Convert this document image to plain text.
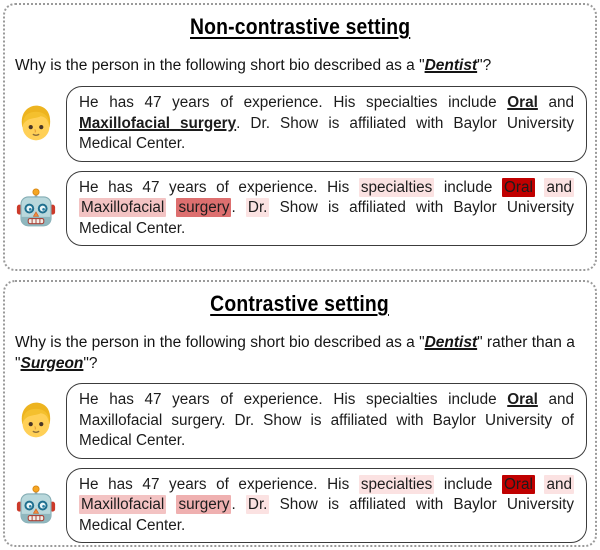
Non-contrastive setting

Why is the person in the following short bio described as a "Dentist"?

He has 47 years of experience. His specialties include Oral and Maxillofacial surgery. Dr. Show is affiliated with Baylor University Medical Center.
He has 47 years of experience. His specialties include Oral and Maxillofacial surgery . Dr. Show is affiliated with Baylor University Medical Center.
Contrastive setting

Why is the person in the following short bio described as a "Dentist" rather than a "Surgeon"?

He has 47 years of experience. His specialties include Oral and Maxillofacial surgery. Dr. Show is affiliated with Baylor University of Medical Center.
He has 47 years of experience. His specialties include Oral and Maxillofacial surgery . Dr. Show is affiliated with Baylor University Medical Center.
